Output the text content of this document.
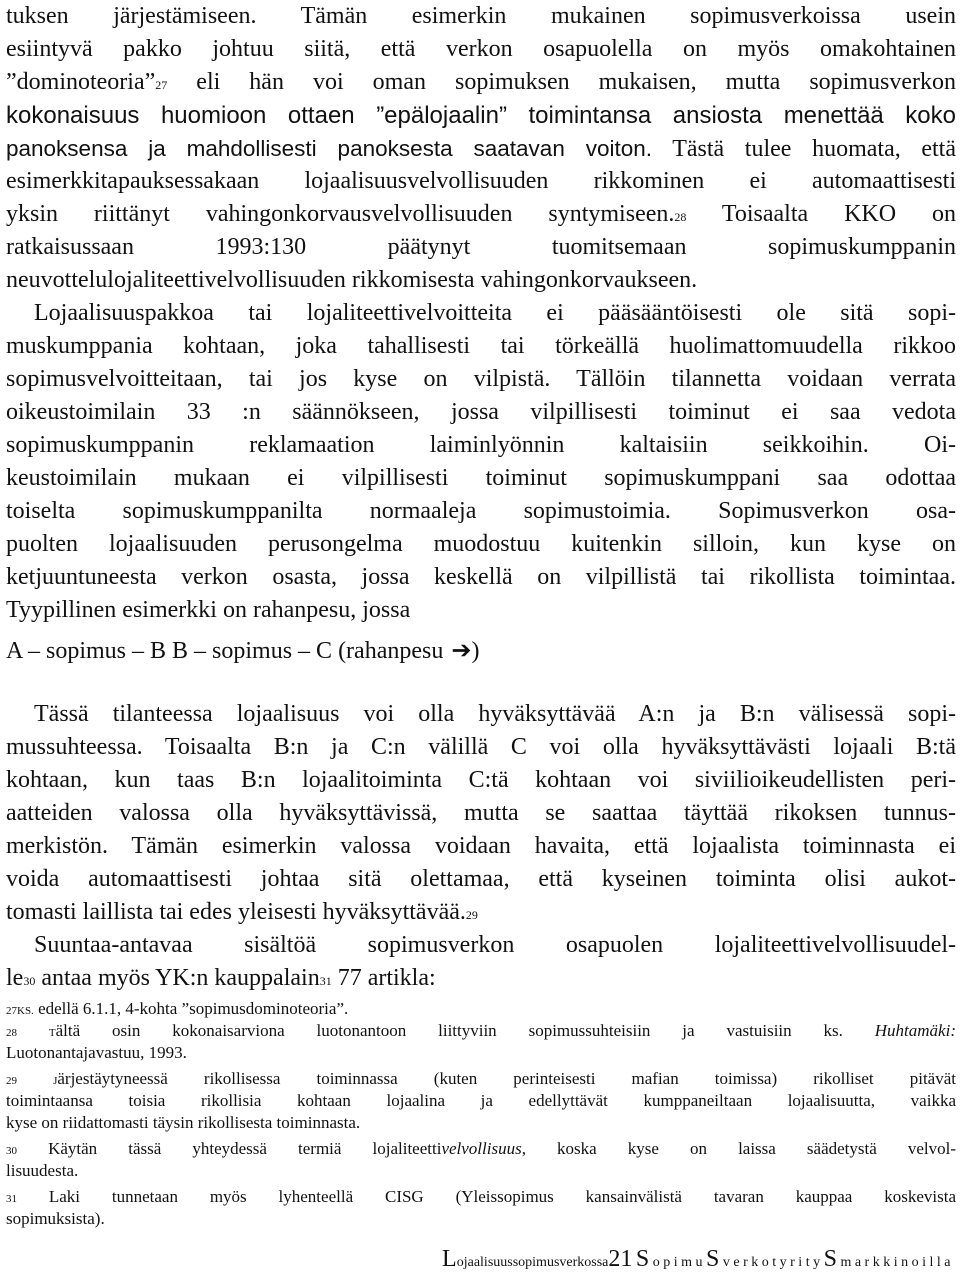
tuksen järjestämiseen. Tämän esimerkin mukainen sopimusverkoissa usein
esiintyvä pakko johtuu siitä, että verkon osapuolella on myös omakohtainen
”dominoteoria”27 eli hän voi oman sopimuksen mukaisen, mutta sopimusverkon
kokonaisuus huomioon ottaen ”epälojaalin” toimintansa ansiosta menettää koko
panoksensa ja mahdollisesti panoksesta saatavan voiton. Tästä tulee huomata, että
esimerkkitapauksessakaan lojaalisuusvelvollisuuden rikkominen ei automaattisesti
yksin riittänyt vahingonkorvausvelvollisuuden syntymiseen.28 Toisaalta KKO on
ratkaisussaan 1993:130 päätynyt tuomitsemaan sopimuskumppanin
neuvottelulojaliteettivelvollisuuden rikkomisesta vahingonkorvaukseen.
Lojaalisuuspakkoa tai lojaliteettivelvoitteita ei pääsääntöisesti ole sitä sopi-
muskumppania kohtaan, joka tahallisesti tai törkeällä huolimattomuudella rikkoo
sopimusvelvoitteitaan, tai jos kyse on vilpistä. Tällöin tilannetta voidaan verrata
oikeustoimilain 33 :n säännökseen, jossa vilpillisesti toiminut ei saa vedota
sopimuskumppanin reklamaation laiminlyönnin kaltaisiin seikkoihin. Oi-
keustoimilain mukaan ei vilpillisesti toiminut sopimuskumppani saa odottaa
toiselta sopimuskumppanilta normaaleja sopimustoimia. Sopimusverkon osa-
puolten lojaalisuuden perusongelma muodostuu kuitenkin silloin, kun kyse on
ketjuuntuneesta verkon osasta, jossa keskellä on vilpillistä tai rikollista toimintaa.
Tyypillinen esimerkki on rahanpesu, jossa
A – sopimus – B B – sopimus – C (rahanpesu ➔)
Tässä tilanteessa lojaalisuus voi olla hyväksyttävää A:n ja B:n välisessä sopi-
mussuhteessa. Toisaalta B:n ja C:n välillä C voi olla hyväksyttävästi lojaali B:tä
kohtaan, kun taas B:n lojaalitoiminta C:tä kohtaan voi siviilioikeudellisten peri-
aatteiden valossa olla hyväksyttävissä, mutta se saattaa täyttää rikoksen tunnus-
merkistön. Tämän esimerkin valossa voidaan havaita, että lojaalista toiminnasta ei
voida automaattisesti johtaa sitä olettamaa, että kyseinen toiminta olisi aukot-
tomasti laillista tai edes yleisesti hyväksyttävää.29
Suuntaa-antavaa sisältöä sopimusverkon osapuolen lojaliteettivelvollisuudel-
le30 antaa myös YK:n kauppalain31 77 artikla:
27KS. edellä 6.1.1, 4-kohta ”sopimusdominoteoria”.
28	Tältä osin kokonaisarviona luotonantoon liittyviin sopimussuhteisiin ja vastuisiin ks. Huhtamäki:
Luotonantajavastuu, 1993.
29	Järjestäytyneessä rikollisessa toiminnassa (kuten perinteisesti mafian toimissa) rikolliset pitävät
toimintaansa toisia rikollisia kohtaan lojaalina ja edellyttävät kumppaneiltaan lojaalisuutta, vaikka
kyse on riidattomasti täysin rikollisesta toiminnasta.
30 Käytän tässä yhteydessä termiä lojaliteettivelvollisuus, koska kyse on laissa säädetystä velvol-
lisuudesta.
31 Laki tunnetaan myös lyhenteellä CISG (Yleissopimus kansainvälistä tavaran kauppaa koskevista
sopimuksista).
Lojaalisuussopimusverkossa21 S opimuS verkotyrityS markkinoilla
